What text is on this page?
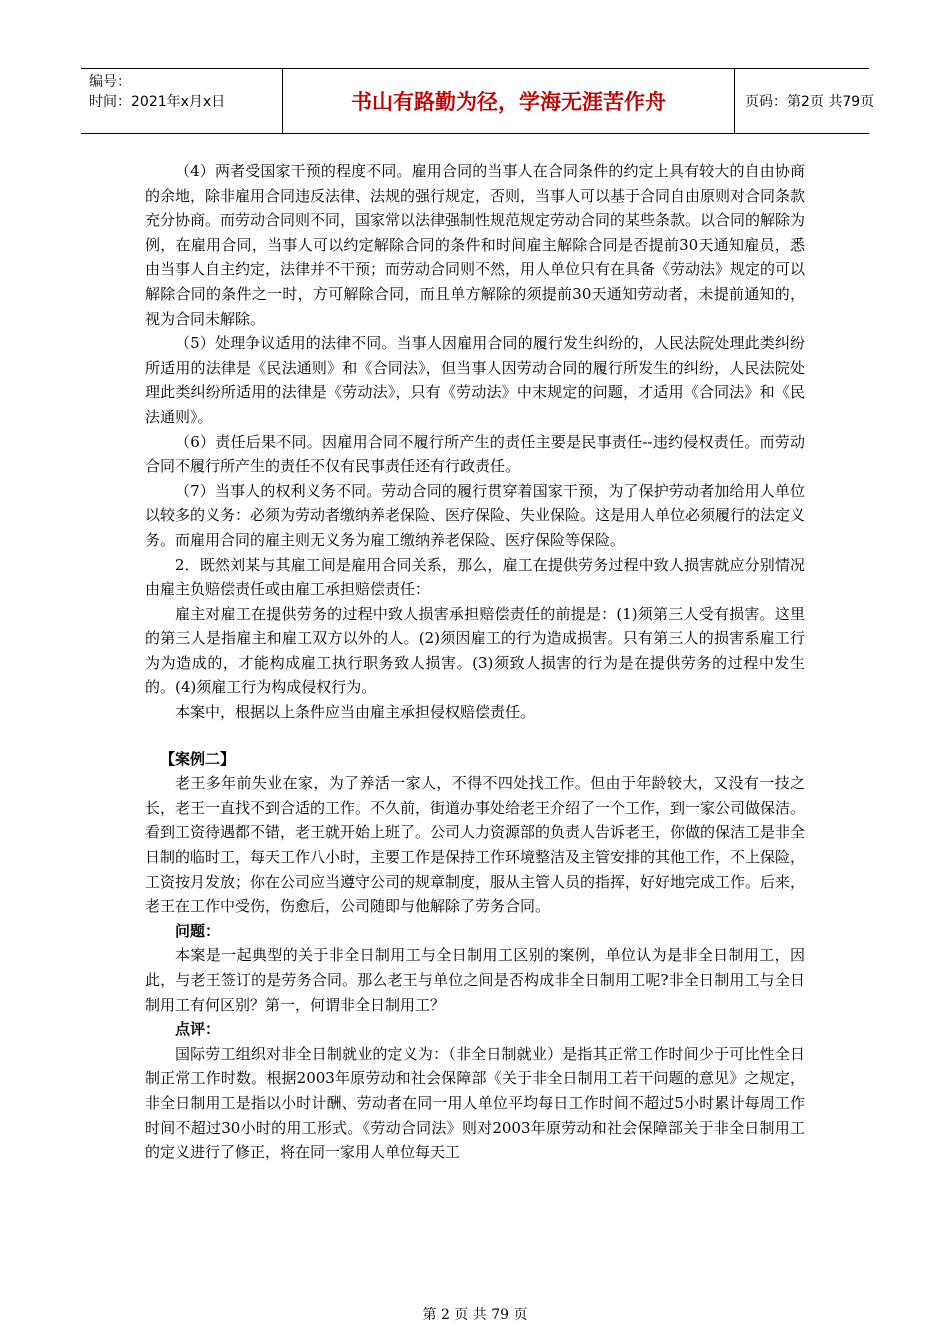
编号：
时间：2021年x月x日	书山有路勤为径，学海无涯苦作舟	页码：第2页 共79页

（4）两者受国家干预的程度不同。雇用合同的当事人在合同条件的约定上具有较大的自由协商的余地，除非雇用合同违反法律、法规的强行规定，否则，当事人可以基于合同自由原则对合同条款充分协商。而劳动合同则不同，国家常以法律强制性规范规定劳动合同的某些条款。以合同的解除为例，在雇用合同，当事人可以约定解除合同的条件和时间雇主解除合同是否提前30天通知雇员，悉由当事人自主约定，法律并不干预；而劳动合同则不然，用人单位只有在具备《劳动法》规定的可以解除合同的条件之一时，方可解除合同，而且单方解除的须提前30天通知劳动者，未提前通知的，视为合同未解除。

（5）处理争议适用的法律不同。当事人因雇用合同的履行发生纠纷的，人民法院处理此类纠纷所适用的法律是《民法通则》和《合同法》，但当事人因劳动合同的履行所发生的纠纷，人民法院处理此类纠纷所适用的法律是《劳动法》，只有《劳动法》中末规定的问题，才适用《合同法》和《民法通则》。

（6）责任后果不同。因雇用合同不履行所产生的责任主要是民事责任--违约侵权责任。而劳动合同不履行所产生的责任不仅有民事责任还有行政责任。

（7）当事人的权利义务不同。劳动合同的履行贯穿着国家干预，为了保护劳动者加给用人单位以较多的义务：必须为劳动者缴纳养老保险、医疗保险、失业保险。这是用人单位必须履行的法定义务。而雇用合同的雇主则无义务为雇工缴纳养老保险、医疗保险等保险。

2．既然刘某与其雇工间是雇用合同关系，那么，雇工在提供劳务过程中致人损害就应分别情况由雇主负赔偿责任或由雇工承担赔偿责任：

雇主对雇工在提供劳务的过程中致人损害承担赔偿责任的前提是：(1)须第三人受有损害。这里的第三人是指雇主和雇工双方以外的人。(2)须因雇工的行为造成损害。只有第三人的损害系雇工行为为造成的，才能构成雇工执行职务致人损害。(3)须致人损害的行为是在提供劳务的过程中发生的。(4)须雇工行为构成侵权行为。

本案中，根据以上条件应当由雇主承担侵权赔偿责任。

【案例二】

老王多年前失业在家，为了养活一家人，不得不四处找工作。但由于年龄较大，又没有一技之长，老王一直找不到合适的工作。不久前，街道办事处给老王介绍了一个工作，到一家公司做保洁。看到工资待遇都不错，老王就开始上班了。公司人力资源部的负责人告诉老王，你做的保洁工是非全日制的临时工，每天工作八小时，主要工作是保持工作环境整洁及主管安排的其他工作，不上保险，工资按月发放；你在公司应当遵守公司的规章制度，服从主管人员的指挥，好好地完成工作。后来，老王在工作中受伤，伤愈后，公司随即与他解除了劳务合同。

问题：

本案是一起典型的关于非全日制用工与全日制用工区别的案例，单位认为是非全日制用工，因此，与老王签订的是劳务合同。那么老王与单位之间是否构成非全日制用工呢?非全日制用工与全日制用工有何区别？第一，何谓非全日制用工？

点评：

国际劳工组织对非全日制就业的定义为：（非全日制就业）是指其正常工作时间少于可比性全日制正常工作时数。根据2003年原劳动和社会保障部《关于非全日制用工若干问题的意见》之规定，非全日制用工是指以小时计酬、劳动者在同一用人单位平均每日工作时间不超过5小时累计每周工作时间不超过30小时的用工形式。《劳动合同法》则对2003年原劳动和社会保障部关于非全日制用工的定义进行了修正，将在同一家用人单位每天工

第 2 页 共 79 页
